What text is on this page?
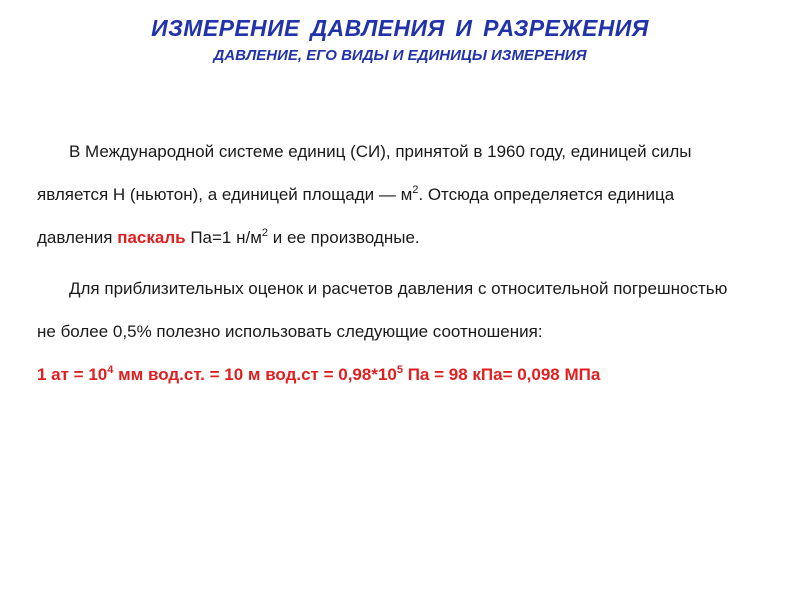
ИЗМЕРЕНИЕ ДАВЛЕНИЯ И РАЗРЕЖЕНИЯ
ДАВЛЕНИЕ, ЕГО ВИДЫ И ЕДИНИЦЫ ИЗМЕРЕНИЯ

В Международной системе единиц (СИ), принятой в 1960 году, единицей силы является Н (ньютон), а единицей площади — $м^2$. Отсюда определяется единица давления паскаль Па=1 $н/м^2$ и ее производные.

Для приблизительных оценок и расчетов давления с относительной погрешностью не более 0,5% полезно использовать следующие соотношения:

1 ат = $10^4$ мм вод.ст. = 10 м $вод.ст = 0,98*10^5$ Па = 98 кПа= 0,098 МПа
